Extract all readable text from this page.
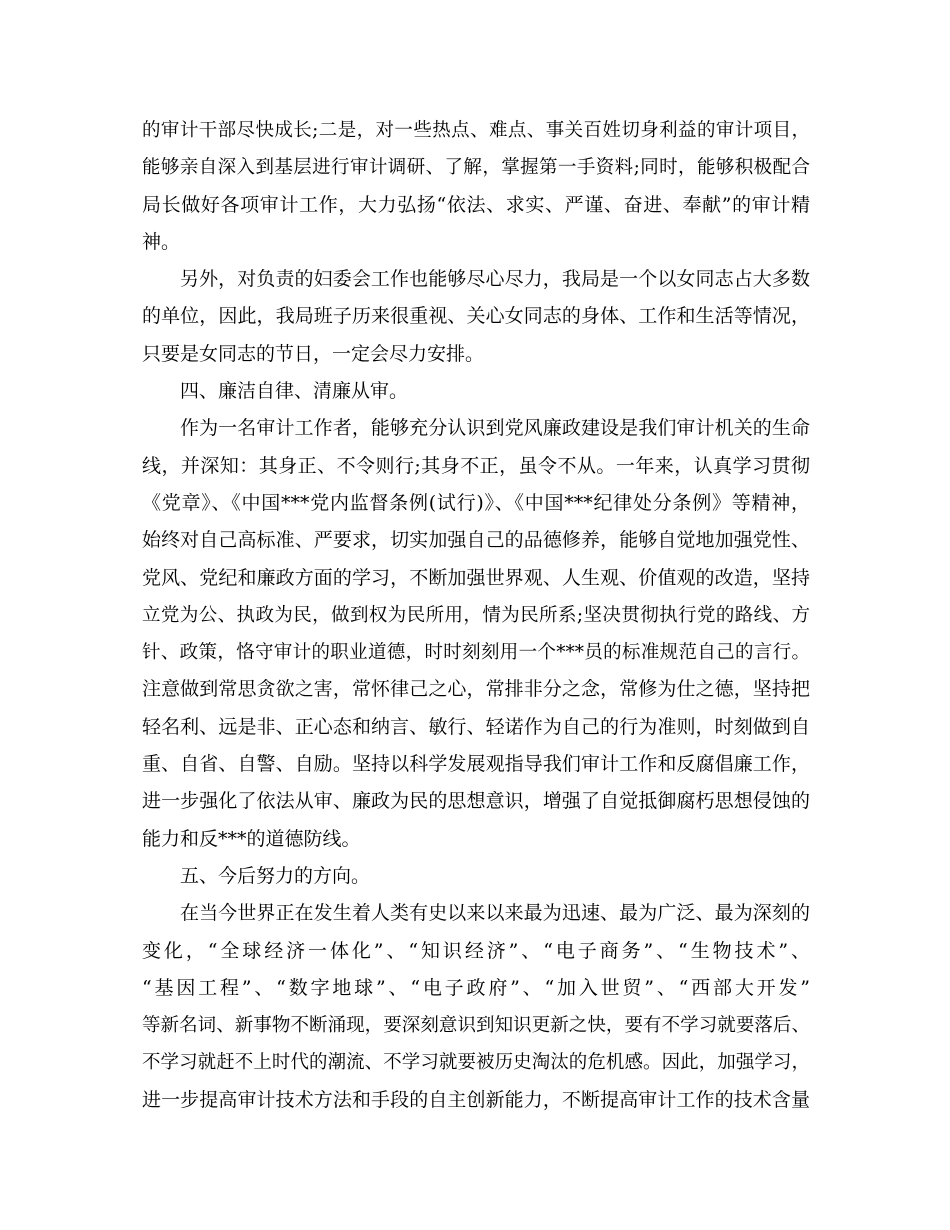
的审计干部尽快成长;二是，对一些热点、难点、事关百姓切身利益的审计项目，
能够亲自深入到基层进行审计调研、了解，掌握第一手资料;同时，能够积极配合
局长做好各项审计工作，大力弘扬“依法、求实、严谨、奋进、奉献”的审计精
神。
另外，对负责的妇委会工作也能够尽心尽力，我局是一个以女同志占大多数
的单位，因此，我局班子历来很重视、关心女同志的身体、工作和生活等情况，
只要是女同志的节日，一定会尽力安排。
四、廉洁自律、清廉从审。
作为一名审计工作者，能够充分认识到党风廉政建设是我们审计机关的生命
线，并深知：其身正、不令则行;其身不正，虽令不从。一年来，认真学习贯彻
《党章》、《中国***党内监督条例(试行)》、《中国***纪律处分条例》等精神，
始终对自己高标准、严要求，切实加强自己的品德修养，能够自觉地加强党性、
党风、党纪和廉政方面的学习，不断加强世界观、人生观、价值观的改造，坚持
立党为公、执政为民，做到权为民所用，情为民所系;坚决贯彻执行党的路线、方
针、政策，恪守审计的职业道德，时时刻刻用一个***员的标准规范自己的言行。
注意做到常思贪欲之害，常怀律己之心，常排非分之念，常修为仕之德，坚持把
轻名利、远是非、正心态和纳言、敏行、轻诺作为自己的行为准则，时刻做到自
重、自省、自警、自励。坚持以科学发展观指导我们审计工作和反腐倡廉工作，
进一步强化了依法从审、廉政为民的思想意识，增强了自觉抵御腐朽思想侵蚀的
能力和反***的道德防线。
五、今后努力的方向。
在当今世界正在发生着人类有史以来以来最为迅速、最为广泛、最为深刻的
变化，“全球经济一体化”、“知识经济”、“电子商务”、“生物技术”、
“基因工程”、“数字地球”、“电子政府”、“加入世贸”、“西部大开发”
等新名词、新事物不断涌现，要深刻意识到知识更新之快，要有不学习就要落后、
不学习就赶不上时代的潮流、不学习就要被历史淘汰的危机感。因此，加强学习，
进一步提高审计技术方法和手段的自主创新能力，不断提高审计工作的技术含量
